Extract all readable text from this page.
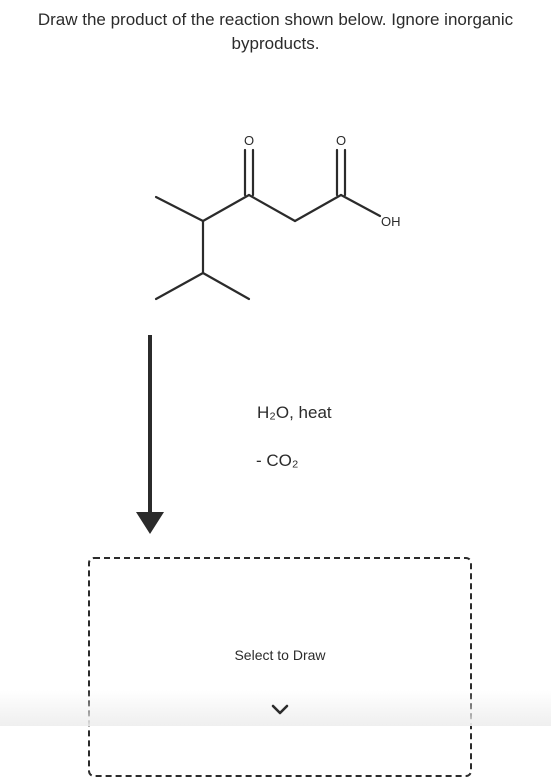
Draw the product of the reaction shown below. Ignore inorganic
byproducts.
O	O
OH
H₂O, heat
- CO₂
Select to Draw
